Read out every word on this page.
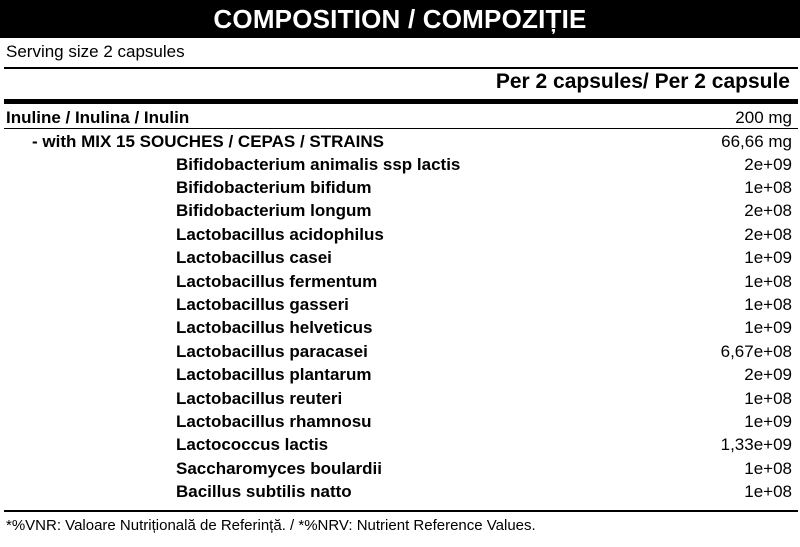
COMPOSITION / COMPOZIȚIE
Serving size 2 capsules
Per 2 capsules/ Per 2 capsule
Inuline / Inulina / Inulin	200 mg
- with MIX 15 SOUCHES / CEPAS / STRAINS	66,66 mg
Bifidobacterium animalis ssp lactis	2e+09
Bifidobacterium bifidum	1e+08
Bifidobacterium longum	2e+08
Lactobacillus acidophilus	2e+08
Lactobacillus casei	1e+09
Lactobacillus fermentum	1e+08
Lactobacillus gasseri	1e+08
Lactobacillus helveticus	1e+09
Lactobacillus paracasei	6,67e+08
Lactobacillus plantarum	2e+09
Lactobacillus reuteri	1e+08
Lactobacillus rhamnosu	1e+09
Lactococcus lactis	1,33e+09
Saccharomyces boulardii	1e+08
Bacillus subtilis natto	1e+08
*%VNR: Valoare Nutrițională de Referință. / *%NRV: Nutrient Reference Values.
